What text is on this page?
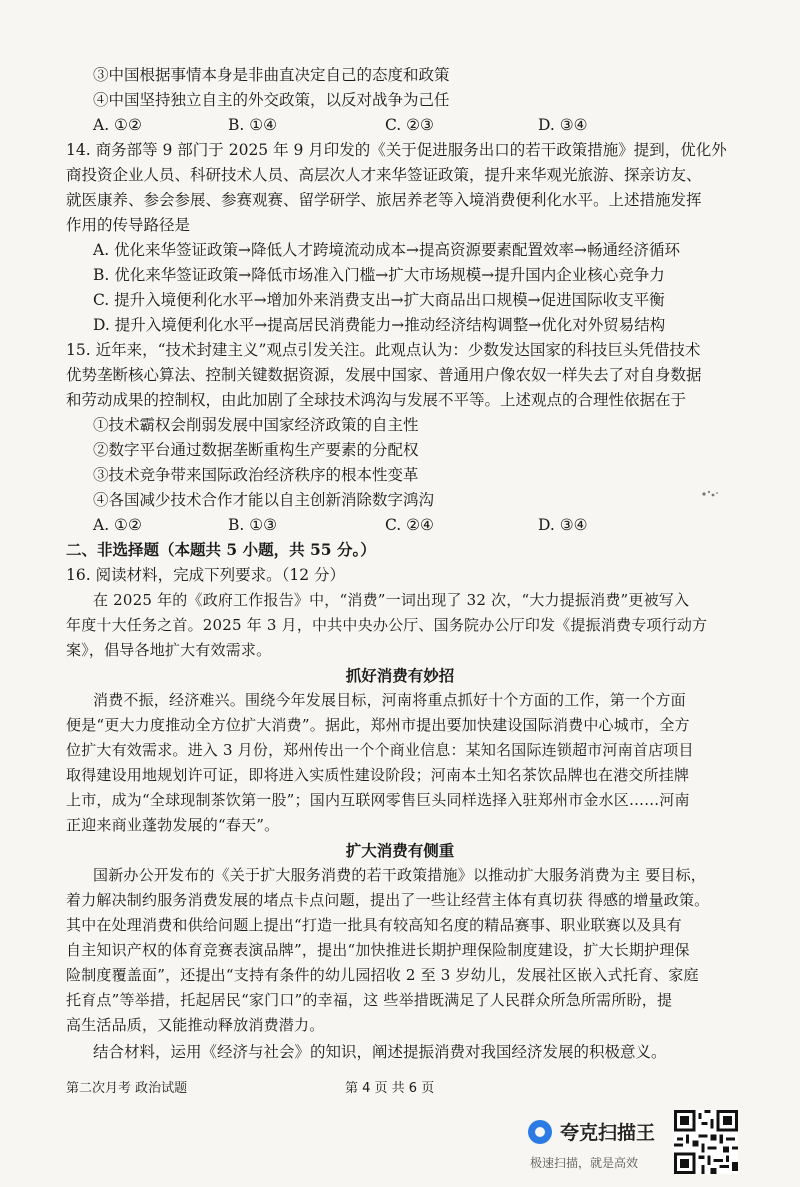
③中国根据事情本身是非曲直决定自己的态度和政策
④中国坚持独立自主的外交政策，以反对战争为己任
A. ①②	B. ①④	C. ②③	D. ③④
14. 商务部等 9 部门于 2025 年 9 月印发的《关于促进服务出口的若干政策措施》提到，优化外
商投资企业人员、科研技术人员、高层次人才来华签证政策，提升来华观光旅游、探亲访友、
就医康养、参会参展、参赛观赛、留学研学、旅居养老等入境消费便利化水平。上述措施发挥
作用的传导路径是
A. 优化来华签证政策→降低人才跨境流动成本→提高资源要素配置效率→畅通经济循环
B. 优化来华签证政策→降低市场准入门槛→扩大市场规模→提升国内企业核心竞争力
C. 提升入境便利化水平→增加外来消费支出→扩大商品出口规模→促进国际收支平衡
D. 提升入境便利化水平→提高居民消费能力→推动经济结构调整→优化对外贸易结构
15. 近年来，“技术封建主义”观点引发关注。此观点认为：少数发达国家的科技巨头凭借技术
优势垄断核心算法、控制关键数据资源，发展中国家、普通用户像农奴一样失去了对自身数据
和劳动成果的控制权，由此加剧了全球技术鸿沟与发展不平等。上述观点的合理性依据在于
①技术霸权会削弱发展中国家经济政策的自主性
②数字平台通过数据垄断重构生产要素的分配权
③技术竞争带来国际政治经济秩序的根本性变革
④各国减少技术合作才能以自主创新消除数字鸿沟
A. ①②	B. ①③	C. ②④	D. ③④
二、非选择题（本题共 5 小题，共 55 分。）
16. 阅读材料，完成下列要求。（12 分）
在 2025 年的《政府工作报告》中，“消费”一词出现了 32 次，“大力提振消费”更被写入
年度十大任务之首。2025 年 3 月，中共中央办公厅、国务院办公厅印发《提振消费专项行动方
案》，倡导各地扩大有效需求。
抓好消费有妙招
消费不振，经济难兴。围绕今年发展目标，河南将重点抓好十个方面的工作，第一个方面
便是“更大力度推动全方位扩大消费”。据此，郑州市提出要加快建设国际消费中心城市，全方
位扩大有效需求。进入 3 月份，郑州传出一个个商业信息：某知名国际连锁超市河南首店项目
取得建设用地规划许可证，即将进入实质性建设阶段；河南本土知名茶饮品牌也在港交所挂牌
上市，成为“全球现制茶饮第一股”；国内互联网零售巨头同样选择入驻郑州市金水区……河南
正迎来商业蓬勃发展的“春天”。
扩大消费有侧重
国新办公开发布的《关于扩大服务消费的若干政策措施》以推动扩大服务消费为主 要目标，
着力解决制约服务消费发展的堵点卡点问题，提出了一些让经营主体有真切获 得感的增量政策。
其中在处理消费和供给问题上提出“打造一批具有较高知名度的精品赛事、职业联赛以及具有
自主知识产权的体育竞赛表演品牌”，提出“加快推进长期护理保险制度建设，扩大长期护理保
险制度覆盖面”，还提出“支持有条件的幼儿园招收 2 至 3 岁幼儿，发展社区嵌入式托育、家庭
托育点”等举措，托起居民“家门口”的幸福，这 些举措既满足了人民群众所急所需所盼，提
高生活品质，又能推动释放消费潜力。
结合材料，运用《经济与社会》的知识，阐述提振消费对我国经济发展的积极意义。
第二次月考 政治试题	第 4 页 共 6 页
夸克扫描王
极速扫描，就是高效
